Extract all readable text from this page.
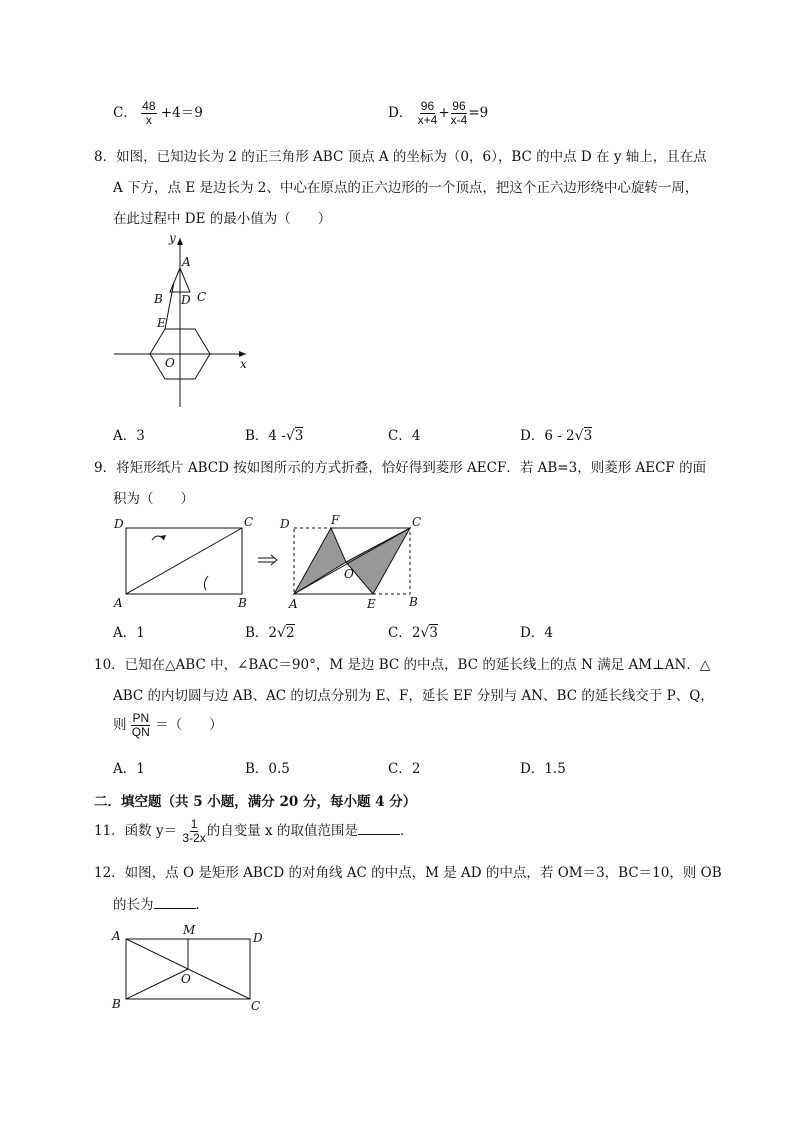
C． $\frac{48}{x} +4=9$	D． $\frac{96}{x+4} + \frac{96}{x-4} =9$
8．如图，已知边长为 2 的正三角形 ABC 顶点 A 的坐标为（0，6），BC 的中点 D 在 y 轴上，且在点
A 下方，点 E 是边长为 2、中心在原点的正六边形的一个顶点，把这个正六边形绕中心旋转一周，
在此过程中 DE 的最小值为（　　）
y
A
B	C
D
E
O	x
A．3	B．4 -√3	C．4	D．6 - 2√3
9．将矩形纸片 ABCD 按如图所示的方式折叠，恰好得到菱形 AECF．若 AB=3，则菱形 AECF 的面
积为（　　）
D	C
A	B
D	F	C
O
A	E	B
A．1	B．2√2	C．2√3	D．4
10．已知在△ABC 中，∠BAC＝90°，M 是边 BC 的中点，BC 的延长线上的点 N 满足 AM⊥AN．△
ABC 的内切圆与边 AB、AC 的切点分别为 E、F，延长 EF 分别与 AN、BC 的延长线交于 P、Q，
则 $\frac{PN}{QN}$ ＝（　　）
A．1	B．0.5	C．2	D．1.5
二．填空题（共 5 小题，满分 20 分，每小题 4 分）
11．函数 $y= \frac{1}{3-2x}$ 的自变量 x 的取值范围是	．
12．如图，点 O 是矩形 ABCD 的对角线 AC 的中点，M 是 AD 的中点，若 OM＝3，BC＝10，则 OB
的长为	．
A	M
D
O
B	C
